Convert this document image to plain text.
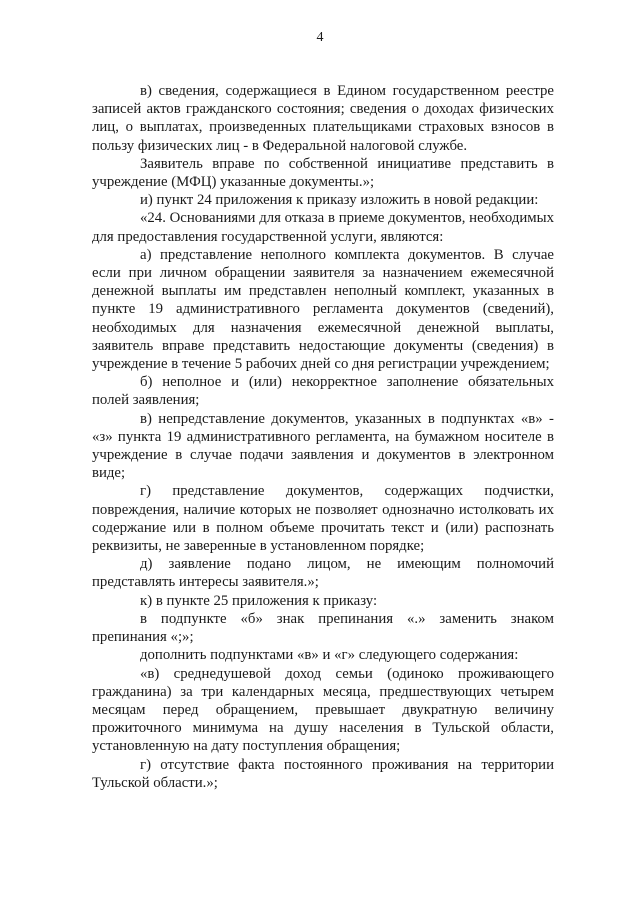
4

в) сведения, содержащиеся в Едином государственном реестре записей актов гражданского состояния; сведения о доходах физических лиц, о выплатах, произведенных плательщиками страховых взносов в пользу физических лиц - в Федеральной налоговой службе.

Заявитель вправе по собственной инициативе представить в учреждение (МФЦ) указанные документы.»;

и) пункт 24 приложения к приказу изложить в новой редакции:

«24. Основаниями для отказа в приеме документов, необходимых для предоставления государственной услуги, являются:

а) представление неполного комплекта документов. В случае если при личном обращении заявителя за назначением ежемесячной денежной выплаты им представлен неполный комплект, указанных в пункте 19 административного регламента документов (сведений), необходимых для назначения ежемесячной денежной выплаты, заявитель вправе представить недостающие документы (сведения) в учреждение в течение 5 рабочих дней со дня регистрации учреждением;

б) неполное и (или) некорректное заполнение обязательных полей заявления;

в) непредставление документов, указанных в подпунктах «в» - «з» пункта 19 административного регламента, на бумажном носителе в учреждение в случае подачи заявления и документов в электронном виде;

г) представление документов, содержащих подчистки, повреждения, наличие которых не позволяет однозначно истолковать их содержание или в полном объеме прочитать текст и (или) распознать реквизиты, не заверенные в установленном порядке;

д) заявление подано лицом, не имеющим полномочий представлять интересы заявителя.»;

к) в пункте 25 приложения к приказу:

в подпункте «б» знак препинания «.» заменить знаком препинания «;»;

дополнить подпунктами «в» и «г» следующего содержания:

«в) среднедушевой доход семьи (одиноко проживающего гражданина) за три календарных месяца, предшествующих четырем месяцам перед обращением, превышает двукратную величину прожиточного минимума на душу населения в Тульской области, установленную на дату поступления обращения;

г) отсутствие факта постоянного проживания на территории Тульской области.»;
